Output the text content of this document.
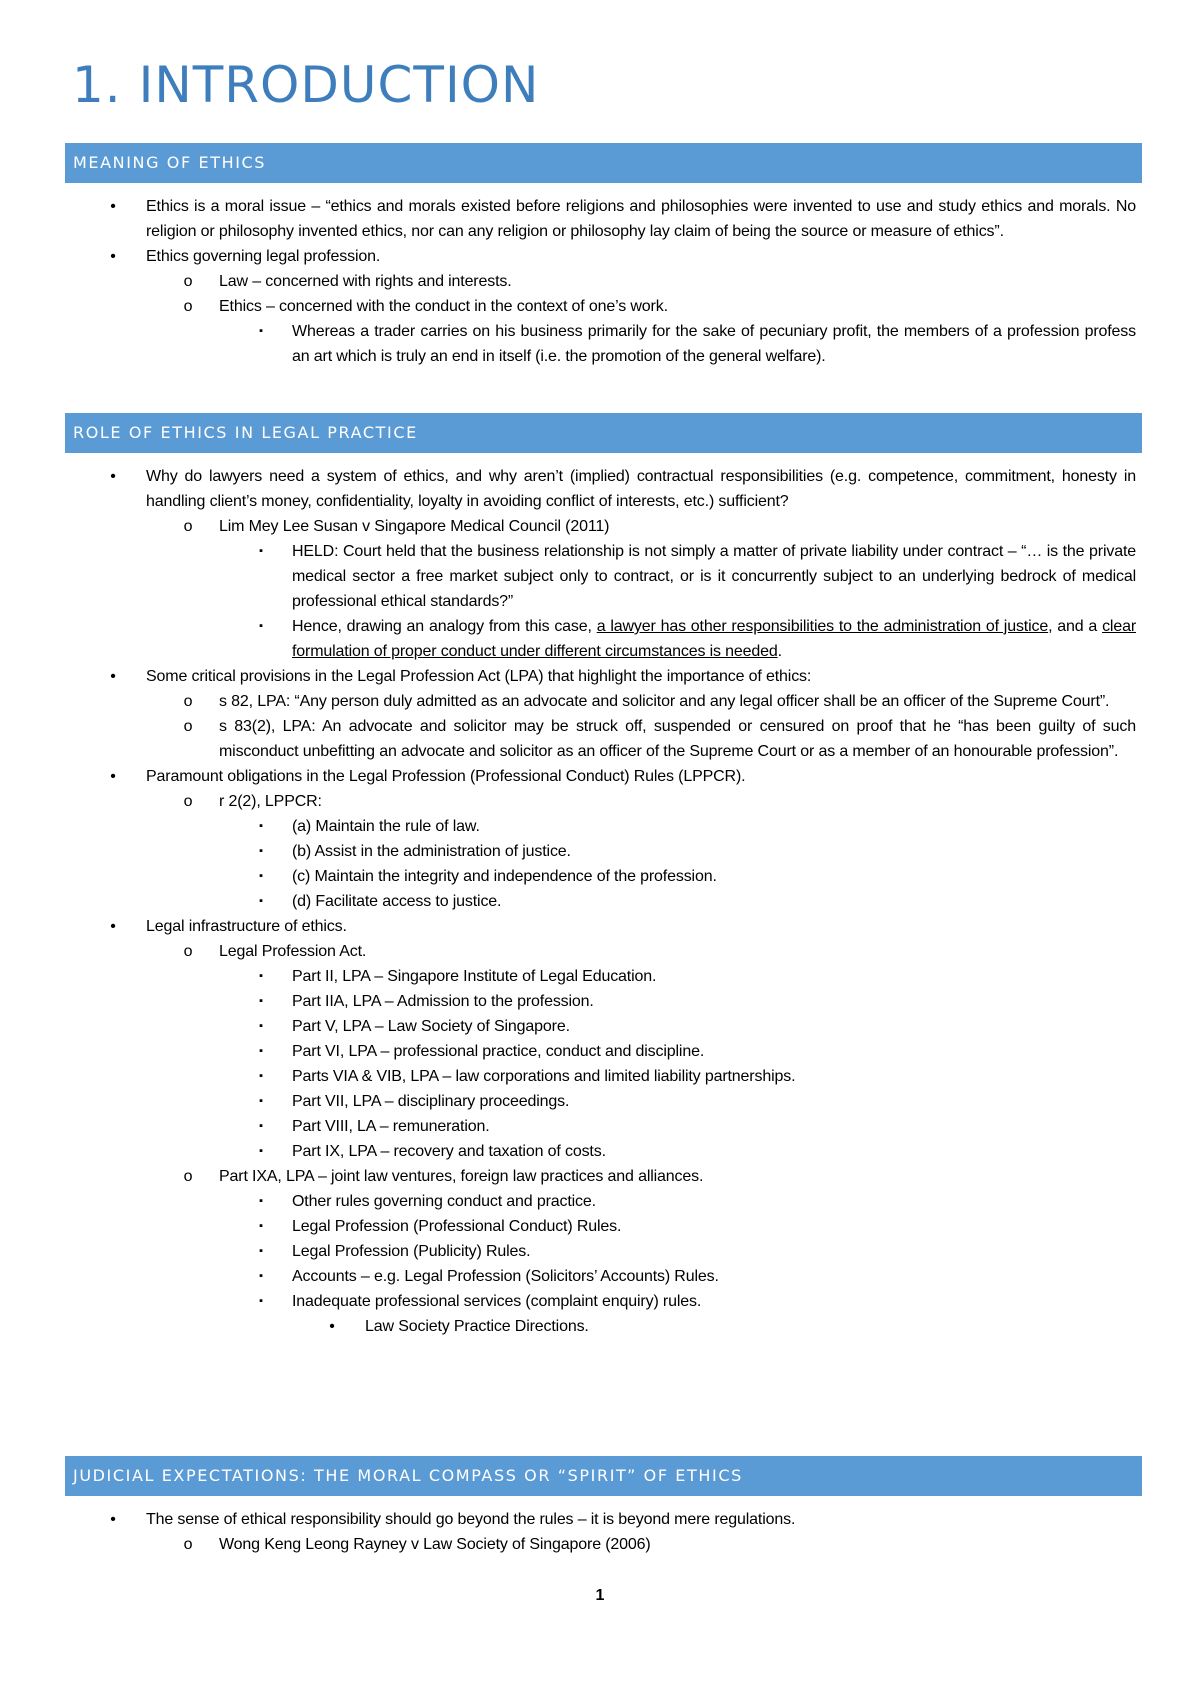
1. INTRODUCTION
MEANING OF ETHICS
• Ethics is a moral issue – “ethics and morals existed before religions and philosophies were invented to use and study ethics and morals. No religion or philosophy invented ethics, nor can any religion or philosophy lay claim of being the source or measure of ethics”.
• Ethics governing legal profession.
o Law – concerned with rights and interests.
o Ethics – concerned with the conduct in the context of one’s work.
▪	Whereas a trader carries on his business primarily for the sake of pecuniary profit, the members of a profession profess an art which is truly an end in itself (i.e. the promotion of the general welfare).
ROLE OF ETHICS IN LEGAL PRACTICE
• Why do lawyers need a system of ethics, and why aren’t (implied) contractual responsibilities (e.g. competence, commitment, honesty in handling client’s money, confidentiality, loyalty in avoiding conflict of interests, etc.) sufficient?
o Lim Mey Lee Susan v Singapore Medical Council (2011)
▪	HELD: Court held that the business relationship is not simply a matter of private liability under contract – “… is the private medical sector a free market subject only to contract, or is it concurrently subject to an underlying bedrock of medical professional ethical standards?”
▪	Hence, drawing an analogy from this case, a lawyer has other responsibilities to the administration of justice, and a clear formulation of proper conduct under different circumstances is needed.
• Some critical provisions in the Legal Profession Act (LPA) that highlight the importance of ethics:
o s 82, LPA: “Any person duly admitted as an advocate and solicitor and any legal officer shall be an officer of the Supreme Court”.
o s 83(2), LPA: An advocate and solicitor may be struck off, suspended or censured on proof that he “has been guilty of such misconduct unbefitting an advocate and solicitor as an officer of the Supreme Court or as a member of an honourable profession”.
• Paramount obligations in the Legal Profession (Professional Conduct) Rules (LPPCR).
o r 2(2), LPPCR:
▪	(a) Maintain the rule of law.
▪	(b) Assist in the administration of justice.
▪	(c) Maintain the integrity and independence of the profession.
▪	(d) Facilitate access to justice.
• Legal infrastructure of ethics.
o Legal Profession Act.
▪	Part II, LPA – Singapore Institute of Legal Education.
▪	Part IIA, LPA – Admission to the profession.
▪	Part V, LPA – Law Society of Singapore.
▪	Part VI, LPA – professional practice, conduct and discipline.
▪	Parts VIA & VIB, LPA – law corporations and limited liability partnerships.
▪	Part VII, LPA – disciplinary proceedings.
▪	Part VIII, LA – remuneration.
▪	Part IX, LPA – recovery and taxation of costs.
o Part IXA, LPA – joint law ventures, foreign law practices and alliances.
▪	Other rules governing conduct and practice.
▪	Legal Profession (Professional Conduct) Rules.
▪	Legal Profession (Publicity) Rules.
▪	Accounts – e.g. Legal Profession (Solicitors’ Accounts) Rules.
▪	Inadequate professional services (complaint enquiry) rules.
• Law Society Practice Directions.
JUDICIAL EXPECTATIONS: THE MORAL COMPASS OR “SPIRIT” OF ETHICS
• The sense of ethical responsibility should go beyond the rules – it is beyond mere regulations.
o Wong Keng Leong Rayney v Law Society of Singapore (2006)
1
